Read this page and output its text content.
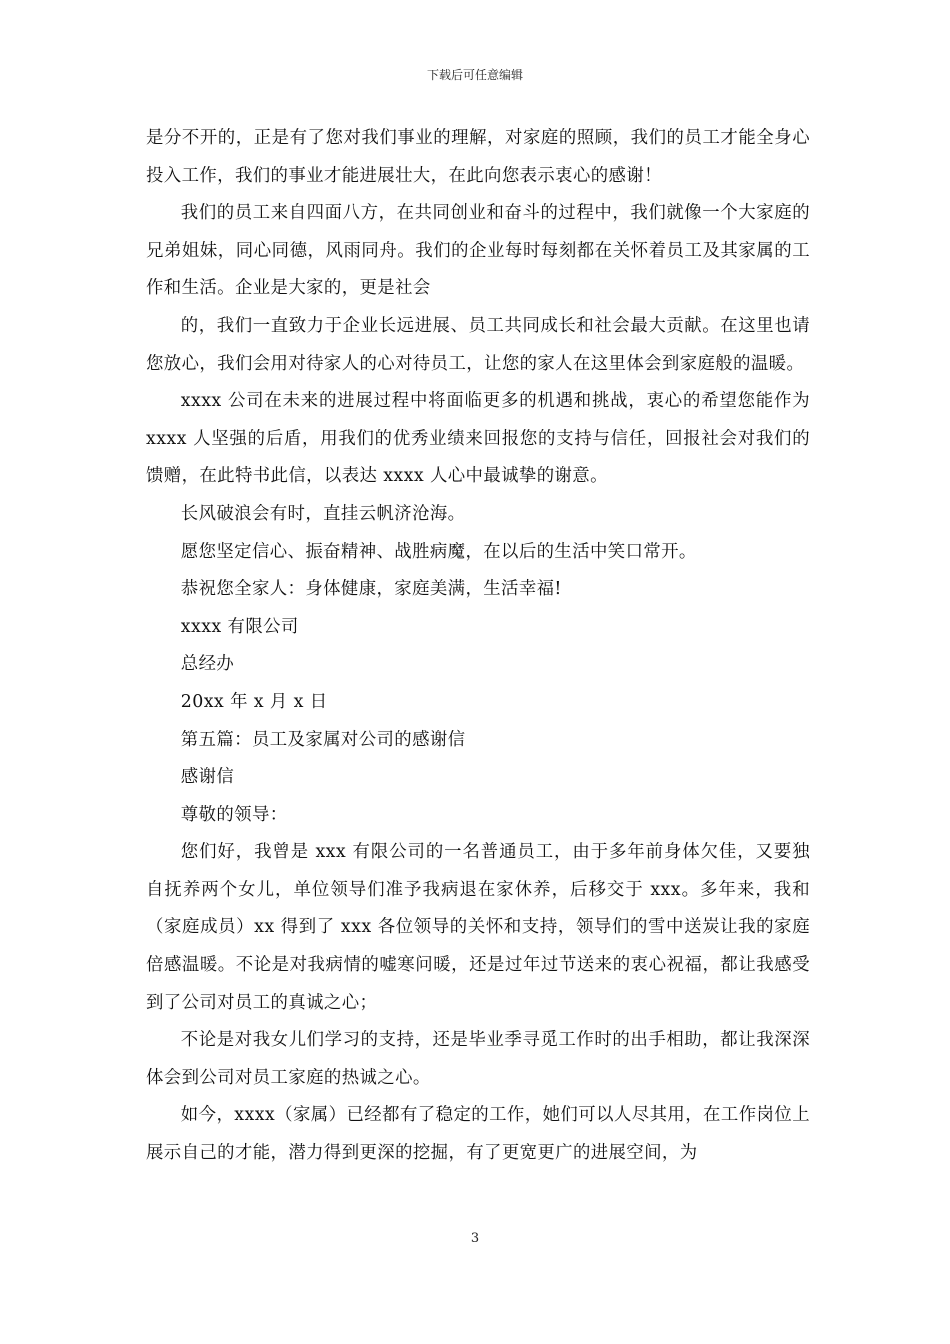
下载后可任意编辑

是分不开的，正是有了您对我们事业的理解，对家庭的照顾，我们的员工才能全身心投入工作，我们的事业才能进展壮大，在此向您表示衷心的感谢！

我们的员工来自四面八方，在共同创业和奋斗的过程中，我们就像一个大家庭的兄弟姐妹，同心同德，风雨同舟。我们的企业每时每刻都在关怀着员工及其家属的工作和生活。企业是大家的，更是社会

的，我们一直致力于企业长远进展、员工共同成长和社会最大贡献。在这里也请您放心，我们会用对待家人的心对待员工，让您的家人在这里体会到家庭般的温暖。

xxxx 公司在未来的进展过程中将面临更多的机遇和挑战，衷心的希望您能作为 xxxx 人坚强的后盾，用我们的优秀业绩来回报您的支持与信任，回报社会对我们的馈赠，在此特书此信，以表达 xxxx 人心中最诚挚的谢意。

长风破浪会有时，直挂云帆济沧海。

愿您坚定信心、振奋精神、战胜病魔，在以后的生活中笑口常开。

恭祝您全家人：身体健康，家庭美满，生活幸福!

xxxx 有限公司

总经办

20xx 年 x 月 x 日

第五篇：员工及家属对公司的感谢信

感谢信

尊敬的领导：

您们好，我曾是 xxx 有限公司的一名普通员工，由于多年前身体欠佳，又要独自抚养两个女儿，单位领导们准予我病退在家休养，后移交于 xxx。多年来，我和（家庭成员）xx 得到了 xxx 各位领导的关怀和支持，领导们的雪中送炭让我的家庭倍感温暖。不论是对我病情的嘘寒问暖，还是过年过节送来的衷心祝福，都让我感受到了公司对员工的真诚之心；

不论是对我女儿们学习的支持，还是毕业季寻觅工作时的出手相助，都让我深深体会到公司对员工家庭的热诚之心。

如今，xxxx（家属）已经都有了稳定的工作，她们可以人尽其用，在工作岗位上展示自己的才能，潜力得到更深的挖掘，有了更宽更广的进展空间，为

3
